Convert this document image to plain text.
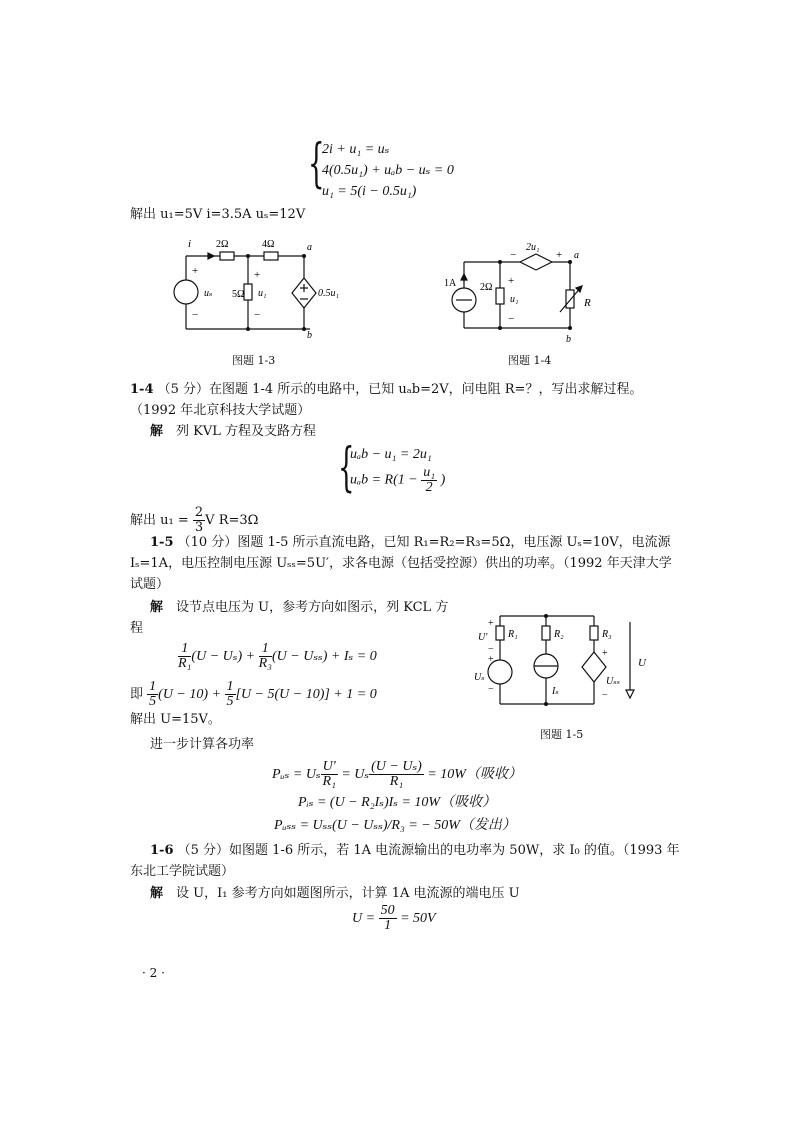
{
2i + u₁ = uₛ
4(0.5u₁) + uₐb − uₛ = 0
u₁ = 5(i − 0.5u₁)
解出 u₁=5V i=3.5A uₛ=12V
i 2Ω	4Ω
5Ω
uₛ	u₁	0.5u₁
a
b
+
−
+
−
图题 1-3
1A 2Ω
u₁
2u₁
R
a
b
+
−
+
−
图题 1-4
1-4 （5 分）在图题 1-4 所示的电路中，已知 uₐb=2V，问电阻 R=？，写出求解过程。
（1992 年北京科技大学试题）
解　 列 KVL 方程及支路方程
{
uₐb − u₁ = 2u₁
$u_ab = R(1 - \frac{\text{u₁}}{2}$ )
解出 $u_1 = \frac{2}{3}$ V R=3Ω
1-5 （10 分）图题 1-5 所示直流电路，已知 R₁=R₂=R₃=5Ω，电压源 Uₛ=10V，电流源
Iₛ=1A，电压控制电压源 Uₛₛ=5U′，求各电源（包括受控源）供出的功率。（1992 年天津大学
试题）
解　 设节点电压为 U，参考方向如图示，列 KCL 方
程
$\frac{1}{\text{R₁}} (U - U_s) + \frac{1}{\text{R₃}} (U - U_{ss}) + I_s = 0$
即 $\frac{1}{5} (U - 10) + \frac{1}{5} [U - 5(U - 10)] + 1 = 0$
解出 U=15V。
进一步计算各功率
Pᵤₛ = Uₛ $\frac{U'}{\text{R₁}} = U_s \frac{\text{(U − Uₛ)}}{\text{R₁}} = 10W$（吸收）
Pᵢₛ = (U − R₂Iₛ)Iₛ = 10W（吸收）
Pᵤₛₛ = Uₛₛ(U − Uₛₛ)/R₃ = − 50W（发出）
R₁	R₂	R₃
U′
Uₛ
Iₛ
Uₛₛ
U
+
−
+
−
+
−
图题 1-5
1-6 （5 分）如图题 1-6 所示，若 1A 电流源输出的电功率为 50W，求 I₀ 的值。（1993 年
东北工学院试题）
解　 设 U，I₁ 参考方向如题图所示，计算 1A 电流源的端电压 U
$U = \frac{50}{1} = 50V$
· 2 ·
